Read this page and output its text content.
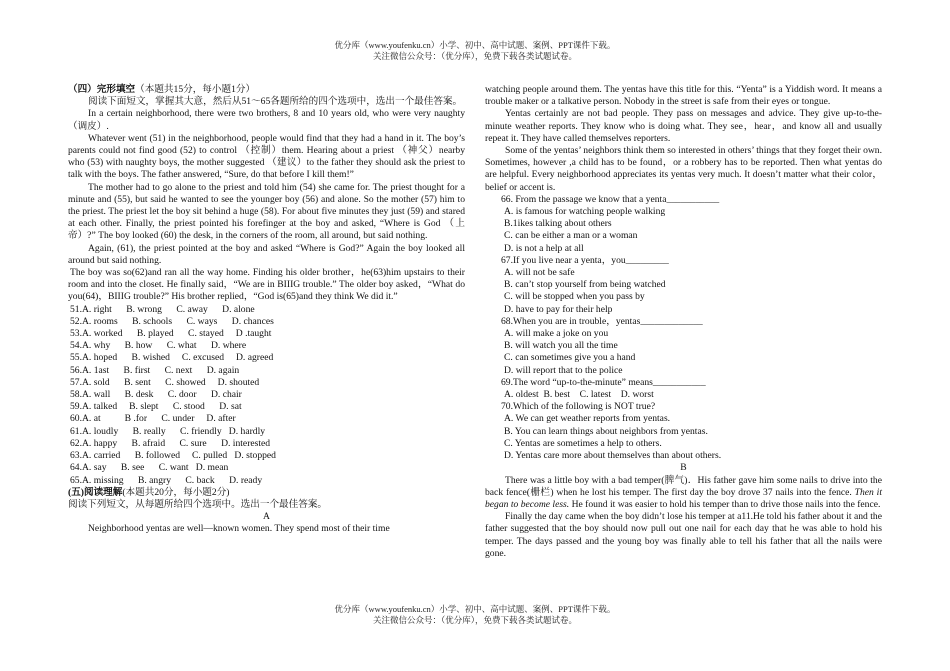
优分库（www.youfenku.cn）小学、初中、高中试题、案例、PPT课件下载。
关注微信公众号：（优分库），免费下载各类试题试卷。

（四）完形填空（本题共15分，每小题1分）

阅读下面短文，掌握其大意，然后从51～65各题所给的四个选项中，选出一个最佳答案。

In a certain neighborhood, there were two brothers, 8 and 10 years old, who were very naughty（调皮）.

Whatever went (51) in the neighborhood, people would find that they had a hand in it. The boy’s parents could not find good (52) to control （控制）them. Hearing about a priest （神父）nearby who (53) with naughty boys, the mother suggested （建议）to the father they should ask the priest to talk with the boys. The father answered, “Sure, do that before I kill them!”

The mother had to go alone to the priest and told him (54) she came for. The priest thought for a minute and (55), but said he wanted to see the younger boy (56) and alone. So the mother (57) him to the priest. The priest let the boy sit behind a huge (58). For about five minutes they just (59) and stared at each other. Finally, the priest pointed his forefinger at the boy and asked, “Where is God （上帝）?” The boy looked (60) the desk, in the corners of the room, all around, but said nothing.

Again, (61), the priest pointed at the boy and asked “Where is God?” Again the boy looked all around but said nothing.

The boy was so(62)and ran all the way home. Finding his older brother，he(63)him upstairs to their room and into the closet. He finally said，“We are in BIIIG trouble.” The older boy asked，“What do you(64)，BIIIG trouble?” His brother replied，“God is(65)and they think We did it.”

51.A. right      B. wrong      C. away      D. alone

52.A. rooms      B. schools      C. ways      D. chances

53.A. worked      B. played      C. stayed     D .taught

54.A. why      B. how      C. what      D. where

55.A. hoped      B. wished     C. excused     D. agreed

56.A. 1ast      B. first      C. next      D. again

57.A. sold      B. sent      C. showed     D. shouted

58.A. wall      B. desk      C. door      D. chair

59.A. talked     B. slept      C. stood      D. sat

60.A. at          B .for      C. under     D. after

61.A. loudly      B. really      C. friendly   D. hardly

62.A. happy      B. afraid      C. sure      D. interested

63.A. carried      B. followed     C. pulled   D. stopped

64.A. say      B. see      C. want   D. mean

65.A. missing      B. angry      C. back      D. ready

(五)阅读理解(本题共20分，每小题2分)

阅读下列短文，从每题所给四个选项中。选出一个最佳答案。

A

Neighborhood yentas are well—known women. They spend most of their time

watching people around them. The yentas have this title for this. “Yenta” is a Yiddish word. It means a trouble maker or a talkative person. Nobody in the street is safe from their eyes or tongue.

Yentas certainly are not bad people. They pass on messages and advice. They give up-to-the-minute weather reports. They know who is doing what. They see，hear，and know all and usually repeat it. They have called themselves reporters.

Some of the yentas’ neighbors think them so interested in others’ things that they forget their own. Sometimes, however ,a child has to be found，or a robbery has to be reported. Then what yentas do are helpful. Every neighborhood appreciates its yentas very much. It doesn’t matter what their color，belief or accent is.

66. From the passage we know that a yenta___________

A. is famous for watching people walking

B.1ikes talking about others

C. can be either a man or a woman

D. is not a help at all

67.If you live near a yenta，you_________

A. will not be safe

B. can’t stop yourself from being watched

C. will be stopped when you pass by

D. have to pay for their help

68.When you are in trouble，yentas_____________

A. will make a joke on you

B. will watch you all the time

C. can sometimes give you a hand

D. will report that to the police

69.The word “up-to-the-minute” means___________

A. oldest  B. best    C. latest    D. worst

70.Which of the following is NOT true?

A. We can get weather reports from yentas.

B. You can learn things about neighbors from yentas.

C. Yentas are sometimes a help to others.

D. Yentas care more about themselves than about others.

B

There was a little boy with a bad temper(脾气)．His father gave him some nails to drive into the back fence(栅栏) when he lost his temper. The first day the boy drove 37 nails into the fence. Then it began to become less. He found it was easier to hold his temper than to drive those nails into the fence.

Finally the day came when the boy didn’t lose his temper at a11.He told his father about it and the father suggested that the boy should now pull out one nail for each day that he was able to hold his temper. The days passed and the young boy was finally able to tell his father that all the nails were gone.

优分库（www.youfenku.cn）小学、初中、高中试题、案例、PPT课件下载。
关注微信公众号：（优分库），免费下载各类试题试卷。
